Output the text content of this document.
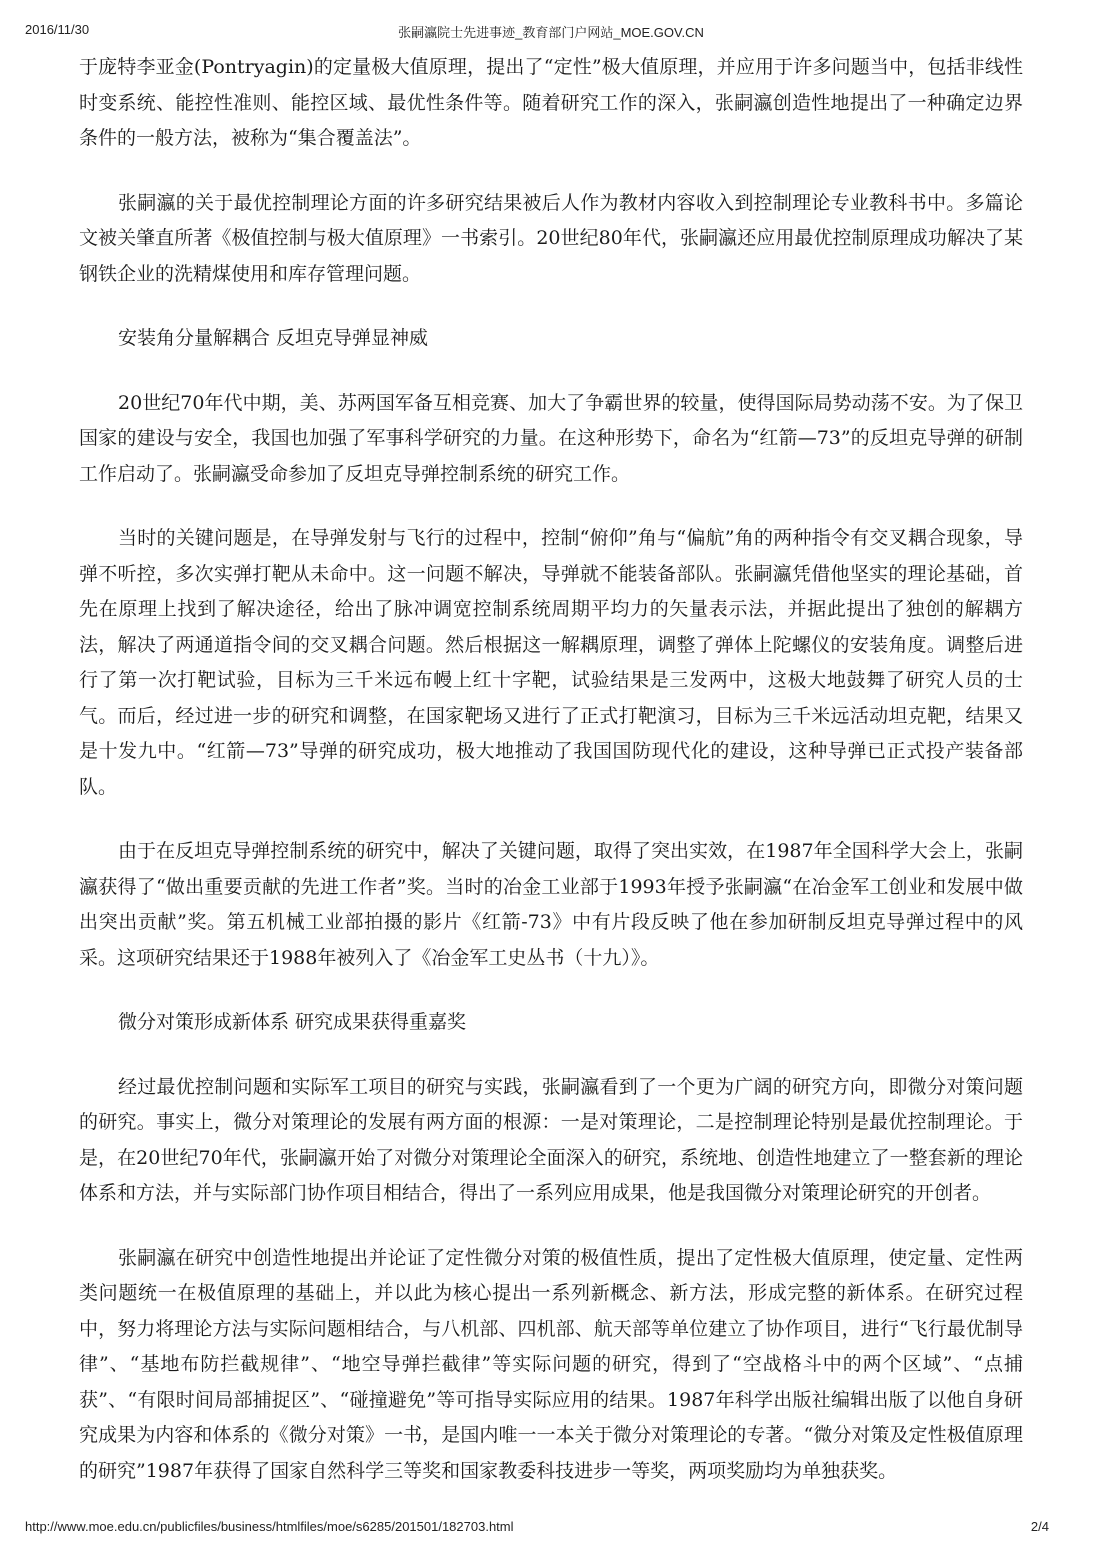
2016/11/30	张嗣瀛院士先进事迹_教育部门户网站_MOE.GOV.CN

于庞特李亚金(Pontryagin)的定量极大值原理，提出了“定性”极大值原理，并应用于许多问题当中，包括非线性时变系统、能控性准则、能控区域、最优性条件等。随着研究工作的深入，张嗣瀛创造性地提出了一种确定边界条件的一般方法，被称为“集合覆盖法”。

张嗣瀛的关于最优控制理论方面的许多研究结果被后人作为教材内容收入到控制理论专业教科书中。多篇论文被关肇直所著《极值控制与极大值原理》一书索引。20世纪80年代，张嗣瀛还应用最优控制原理成功解决了某钢铁企业的洗精煤使用和库存管理问题。

安装角分量解耦合 反坦克导弹显神威

20世纪70年代中期，美、苏两国军备互相竞赛、加大了争霸世界的较量，使得国际局势动荡不安。为了保卫国家的建设与安全，我国也加强了军事科学研究的力量。在这种形势下，命名为“红箭—73”的反坦克导弹的研制工作启动了。张嗣瀛受命参加了反坦克导弹控制系统的研究工作。

当时的关键问题是，在导弹发射与飞行的过程中，控制“俯仰”角与“偏航”角的两种指令有交叉耦合现象，导弹不听控，多次实弹打靶从未命中。这一问题不解决，导弹就不能装备部队。张嗣瀛凭借他坚实的理论基础，首先在原理上找到了解决途径，给出了脉冲调宽控制系统周期平均力的矢量表示法，并据此提出了独创的解耦方法，解决了两通道指令间的交叉耦合问题。然后根据这一解耦原理，调整了弹体上陀螺仪的安装角度。调整后进行了第一次打靶试验，目标为三千米远布幔上红十字靶，试验结果是三发两中，这极大地鼓舞了研究人员的士气。而后，经过进一步的研究和调整，在国家靶场又进行了正式打靶演习，目标为三千米远活动坦克靶，结果又是十发九中。“红箭—73”导弹的研究成功，极大地推动了我国国防现代化的建设，这种导弹已正式投产装备部队。

由于在反坦克导弹控制系统的研究中，解决了关键问题，取得了突出实效，在1987年全国科学大会上，张嗣瀛获得了“做出重要贡献的先进工作者”奖。当时的冶金工业部于1993年授予张嗣瀛“在冶金军工创业和发展中做出突出贡献”奖。第五机械工业部拍摄的影片《红箭-73》中有片段反映了他在参加研制反坦克导弹过程中的风采。这项研究结果还于1988年被列入了《冶金军工史丛书（十九）》。

微分对策形成新体系 研究成果获得重嘉奖

经过最优控制问题和实际军工项目的研究与实践，张嗣瀛看到了一个更为广阔的研究方向，即微分对策问题的研究。事实上，微分对策理论的发展有两方面的根源：一是对策理论，二是控制理论特别是最优控制理论。于是，在20世纪70年代，张嗣瀛开始了对微分对策理论全面深入的研究，系统地、创造性地建立了一整套新的理论体系和方法，并与实际部门协作项目相结合，得出了一系列应用成果，他是我国微分对策理论研究的开创者。

张嗣瀛在研究中创造性地提出并论证了定性微分对策的极值性质，提出了定性极大值原理，使定量、定性两类问题统一在极值原理的基础上，并以此为核心提出一系列新概念、新方法，形成完整的新体系。在研究过程中，努力将理论方法与实际问题相结合，与八机部、四机部、航天部等单位建立了协作项目，进行“飞行最优制导律”、“基地布防拦截规律”、“地空导弹拦截律”等实际问题的研究，得到了“空战格斗中的两个区域”、“点捕获”、“有限时间局部捕捉区”、“碰撞避免”等可指导实际应用的结果。1987年科学出版社编辑出版了以他自身研究成果为内容和体系的《微分对策》一书，是国内唯一一本关于微分对策理论的专著。“微分对策及定性极值原理的研究”1987年获得了国家自然科学三等奖和国家教委科技进步一等奖，两项奖励均为单独获奖。

http://www.moe.edu.cn/publicfiles/business/htmlfiles/moe/s6285/201501/182703.html	2/4
